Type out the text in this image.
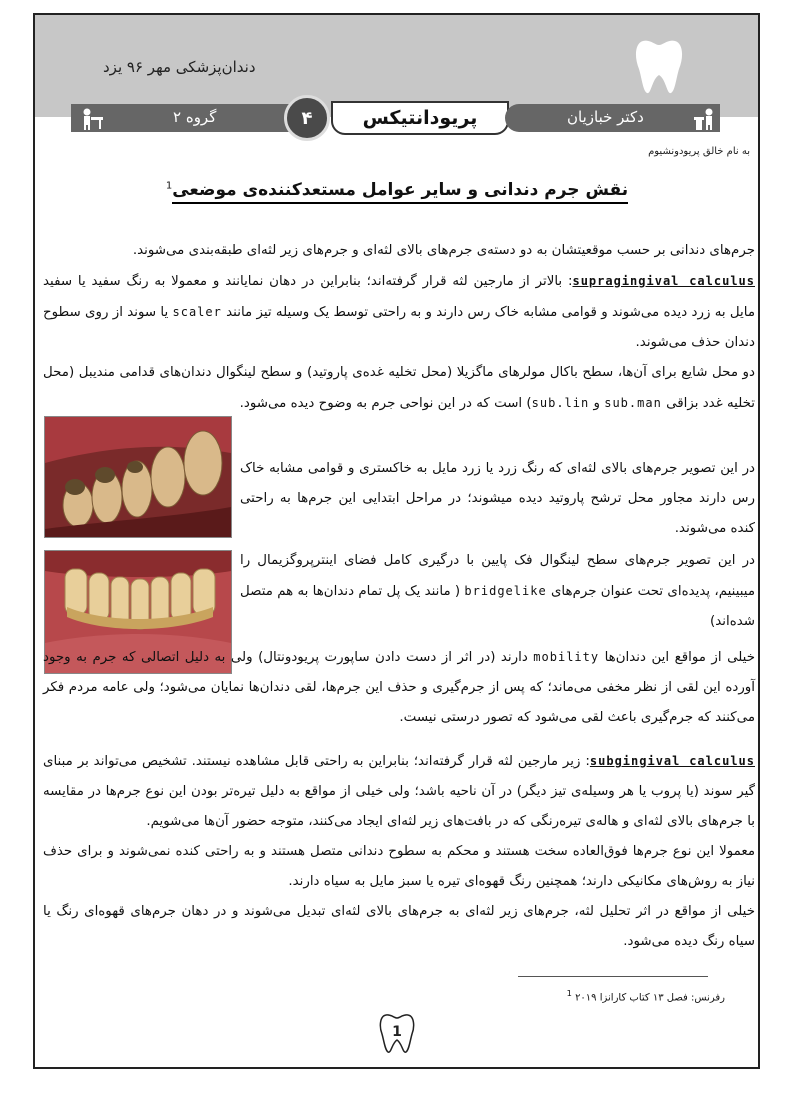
دندان‌پزشکی مهر ۹۶ یزد
گروه ۲	۴	پریودانتیکس	دکتر خبازیان
به نام خالق پریودونشیوم
نقش جرم دندانی و سایر عوامل مستعدکننده‌ی موضعی$^1$
جرم‌های دندانی بر حسب موقعیتشان به دو دسته‌ی جرم‌های بالای لثه‌ای و جرم‌های زیر لثه‌ای طبقه‌بندی می‌شوند.
supragingival calculus: بالاتر از مارجین لثه قرار گرفته‌اند؛ بنابراین در دهان نمایانند و معمولا به رنگ سفید یا سفید مایل به زرد دیده می‌شوند و قوامی مشابه خاک رس دارند و به راحتی توسط یک وسیله تیز مانند scaler یا سوند از روی سطوح دندان حذف می‌شوند.
دو محل شایع برای آن‌ها، سطح باکال مولرهای ماگزیلا (محل تخلیه غده‌ی پاروتید) و سطح لینگوال دندان‌های قدامی مندیبل (محل تخلیه غدد بزاقی sub.man و sub.lin) است که در این نواحی جرم به وضوح دیده می‌شود.
در این تصویر جرم‌های بالای لثه‌ای که رنگ زرد یا زرد مایل به خاکستری و قوامی مشابه خاک رس دارند مجاور محل ترشح پاروتید دیده میشوند؛ در مراحل ابتدایی این جرم‌ها به راحتی کنده می‌شوند.
در این تصویر جرم‌های سطح لینگوال فک پایین با درگیری کامل فضای اینترپروگزیمال را میبینیم، پدیده‌ای تحت عنوان جرم‌های bridgelike ( مانند یک پل تمام دندان‌ها به هم متصل شده‌اند)
خیلی از مواقع این دندان‌ها mobility دارند (در اثر از دست دادن ساپورت پریودونتال) ولی به دلیل اتصالی که جرم به وجود آورده این لقی از نظر مخفی می‌ماند؛ که پس از جرم‌گیری و حذف این جرم‌ها، لقی دندان‌ها نمایان می‌شود؛ ولی عامه مردم فکر می‌کنند که جرم‌گیری باعث لقی می‌شود که تصور درستی نیست.
subgingival calculus: زیر مارجین لثه قرار گرفته‌اند؛ بنابراین به راحتی قابل مشاهده نیستند. تشخیص می‌تواند بر مبنای گیر سوند (یا پروب یا هر وسیله‌ی تیز دیگر) در آن ناحیه باشد؛ ولی خیلی از مواقع به دلیل تیره‌تر بودن این نوع جرم‌ها در مقایسه با جرم‌های بالای لثه‌ای و هاله‌ی تیره‌رنگی که در بافت‌های زیر لثه‌ای ایجاد می‌کنند، متوجه حضور آن‌ها می‌شویم.
معمولا این نوع جرم‌ها فوق‌العاده سخت هستند و محکم به سطوح دندانی متصل هستند و به راحتی کنده نمی‌شوند و برای حذف نیاز به روش‌های مکانیکی دارند؛ همچنین رنگ قهوه‌ای تیره یا سبز مایل به سیاه دارند.
خیلی از مواقع در اثر تحلیل لثه، جرم‌های زیر لثه‌ای به جرم‌های بالای لثه‌ای تبدیل می‌شوند و در دهان جرم‌های قهوه‌ای رنگ یا سیاه رنگ دیده می‌شود.
رفرنس: فصل ۱۳ کتاب کارانزا ۲۰۱۹ $^1$
1
